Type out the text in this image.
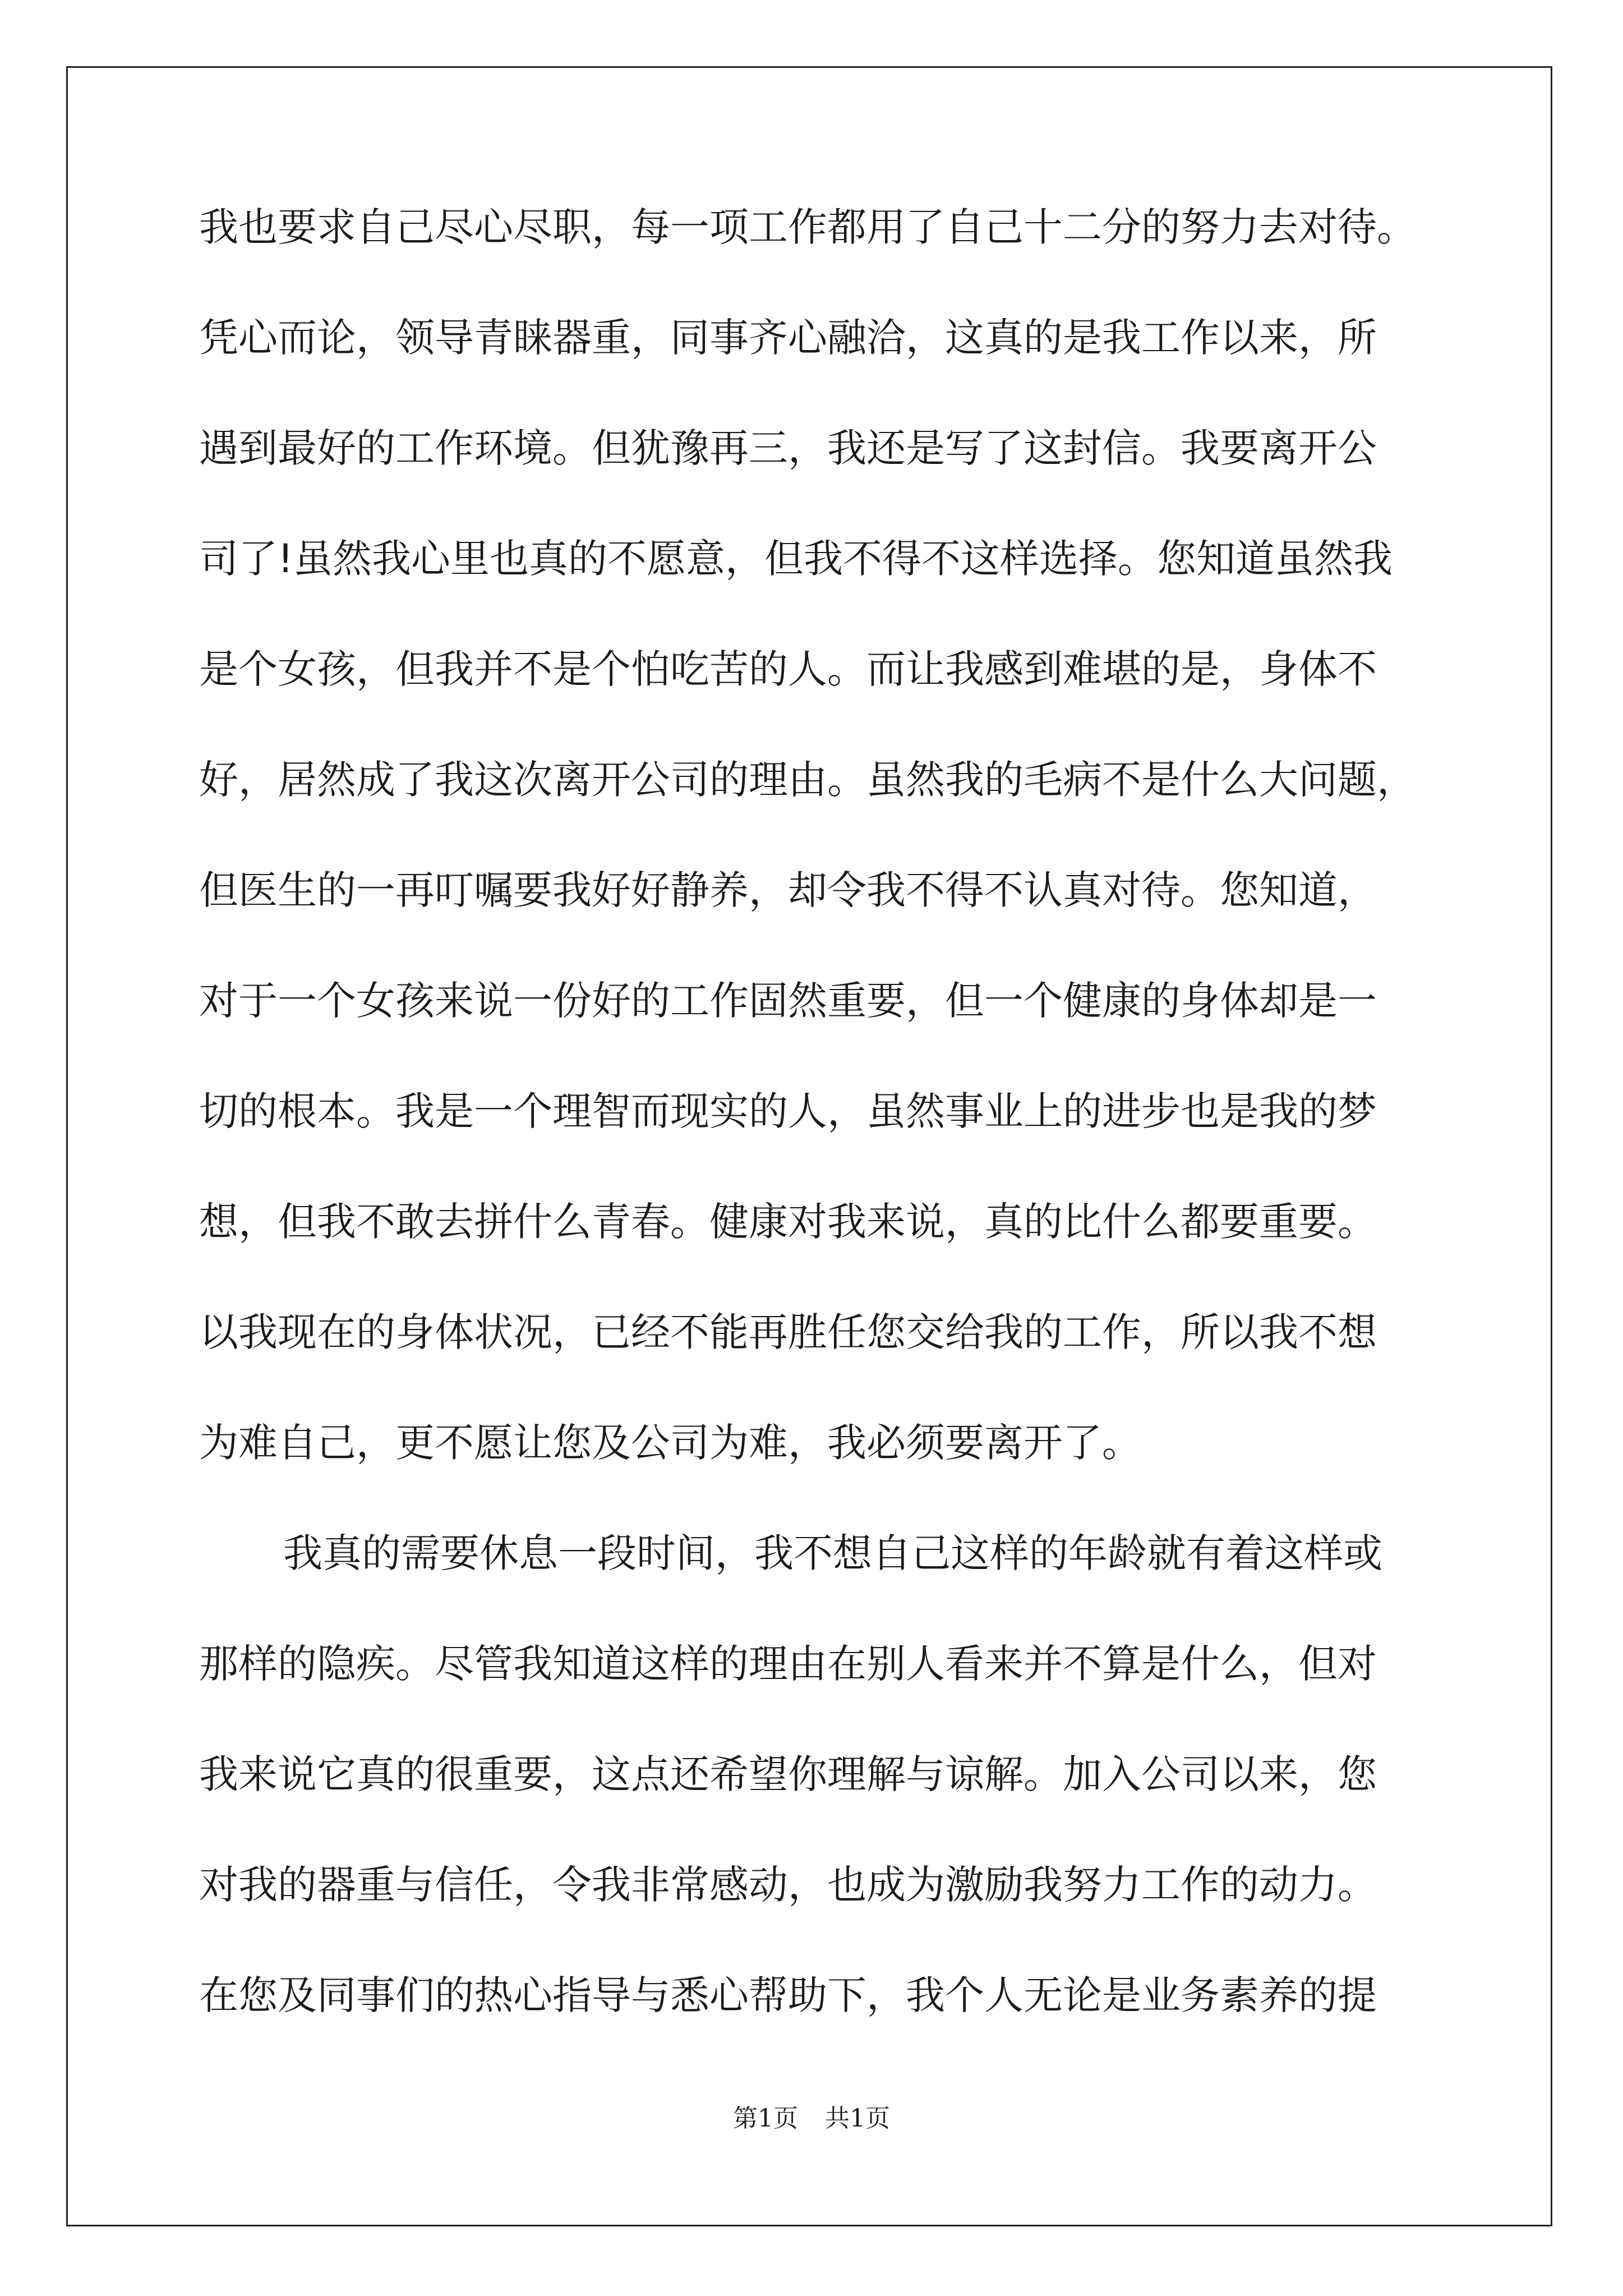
我也要求自己尽心尽职，每一项工作都用了自己十二分的努力去对待。
凭心而论，领导青睐器重，同事齐心融洽，这真的是我工作以来，所
遇到最好的工作环境。但犹豫再三，我还是写了这封信。我要离开公
司了!虽然我心里也真的不愿意，但我不得不这样选择。您知道虽然我
是个女孩，但我并不是个怕吃苦的人。而让我感到难堪的是，身体不
好，居然成了我这次离开公司的理由。虽然我的毛病不是什么大问题，
但医生的一再叮嘱要我好好静养，却令我不得不认真对待。您知道，
对于一个女孩来说一份好的工作固然重要，但一个健康的身体却是一
切的根本。我是一个理智而现实的人，虽然事业上的进步也是我的梦
想，但我不敢去拼什么青春。健康对我来说，真的比什么都要重要。
以我现在的身体状况，已经不能再胜任您交给我的工作，所以我不想
为难自己，更不愿让您及公司为难，我必须要离开了。
我真的需要休息一段时间，我不想自己这样的年龄就有着这样或
那样的隐疾。尽管我知道这样的理由在别人看来并不算是什么，但对
我来说它真的很重要，这点还希望你理解与谅解。加入公司以来，您
对我的器重与信任，令我非常感动，也成为激励我努力工作的动力。
在您及同事们的热心指导与悉心帮助下，我个人无论是业务素养的提
第1页 共1页
